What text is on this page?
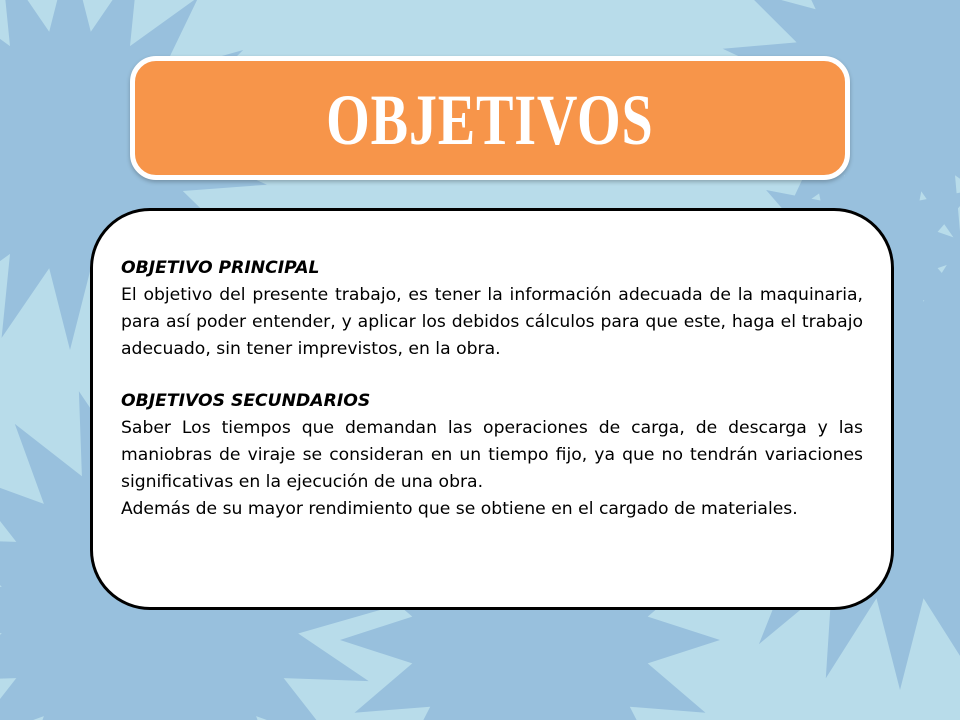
OBJETIVOS

OBJETIVO PRINCIPAL

El objetivo del presente trabajo, es tener la información adecuada de la maquinaria, para así poder entender, y aplicar los debidos cálculos para que este, haga el trabajo adecuado, sin tener imprevistos, en la obra.

OBJETIVOS SECUNDARIOS

Saber Los tiempos que demandan las operaciones de carga, de descarga y las maniobras de viraje se consideran en un tiempo fijo, ya que no tendrán variaciones significativas en la ejecución de una obra.

Además de su mayor rendimiento que se obtiene en el cargado de materiales.
